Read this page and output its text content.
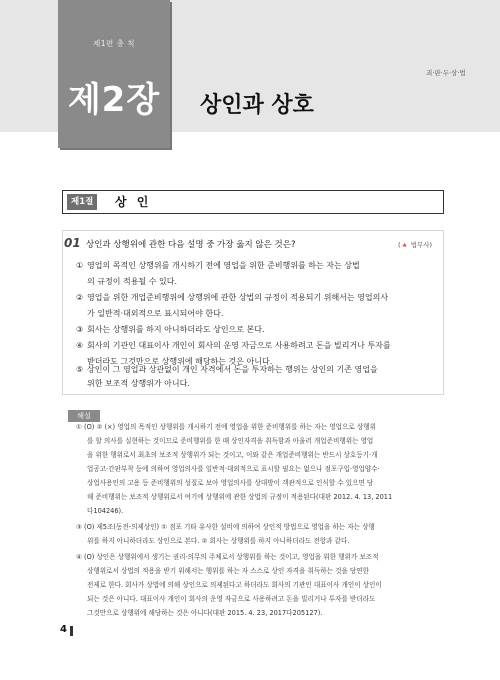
제1편 총 칙
제2장	상인과 상호
괴·판·두·상·법
제1절	상 인
01 상인과 상행위에 관한 다음 설명 중 가장 옳지 않은 것은?	(🔺 법무사)
① 영업의 목적인 상행위를 개시하기 전에 영업을 위한 준비행위를 하는 자는 상법
의 규정이 적용될 수 있다.
② 영업을 위한 개업준비행위에 상행위에 관한 상법의 규정이 적용되기 위해서는 영업의사
가 일반적·대외적으로 표시되어야 한다.
③ 회사는 상행위를 하지 아니하더라도 상인으로 본다.
④ 회사의 기관인 대표이사 개인이 회사의 운영 자금으로 사용하려고 돈을 빌리거나 투자를
받더라도 그것만으로 상행위에 해당하는 것은 아니다.
⑤ 상인이 그 영업과 상관없이 개인 자격에서 돈을 투자하는 행위는 상인의 기존 영업을
위한 보조적 상행위가 아니다.
해설
① (O) ② (×) 영업의 목적인 상행위를 개시하기 전에 영업을 위한 준비행위를 하는 자는 영업으로 상행위
를 할 의사를 실현하는 것이므로 준비행위를 한 때 상인자격을 취득함과 아울러 개업준비행위는 영업
을 위한 행위로서 최초의 보조적 상행위가 되는 것이고, 이와 같은 개업준비행위는 반드시 상호등기·개
업공고·간판부착 등에 의하여 영업의사를 일반적·대외적으로 표시할 필요는 없으나 점포구입·영업양수·
상업사용인의 고용 등 준비행위의 성질로 보아 영업의사를 상대방이 객관적으로 인식할 수 있으면 당
해 준비행위는 보조적 상행위로서 여기에 상행위에 관한 상법의 규정이 적용된다(대판 2012. 4. 13, 2011
다104246).
③ (O) 제5조(동전-의제상인) ① 점포 기타 유사한 설비에 의하여 상인적 방법으로 영업을 하는 자는 상행
위를 하지 아니하더라도 상인으로 본다. ② 회사는 상행위를 하지 아니하더라도 전항과 같다.
④ (O) 상인은 상행위에서 생기는 권리·의무의 주체로서 상행위를 하는 것이고, 영업을 위한 행위가 보조적
상행위로서 상법의 적용을 받기 위해서는 행위를 하는 자 스스로 상인 자격을 취득하는 것을 당연한
전제로 한다. 회사가 상법에 의해 상인으로 의제된다고 하더라도 회사의 기관인 대표이사 개인이 상인이
되는 것은 아니다. 대표이사 개인이 회사의 운영 자금으로 사용하려고 돈을 빌리거나 투자를 받더라도
그것만으로 상행위에 해당하는 것은 아니다(대판 2015. 4. 23, 2017다205127).
4
